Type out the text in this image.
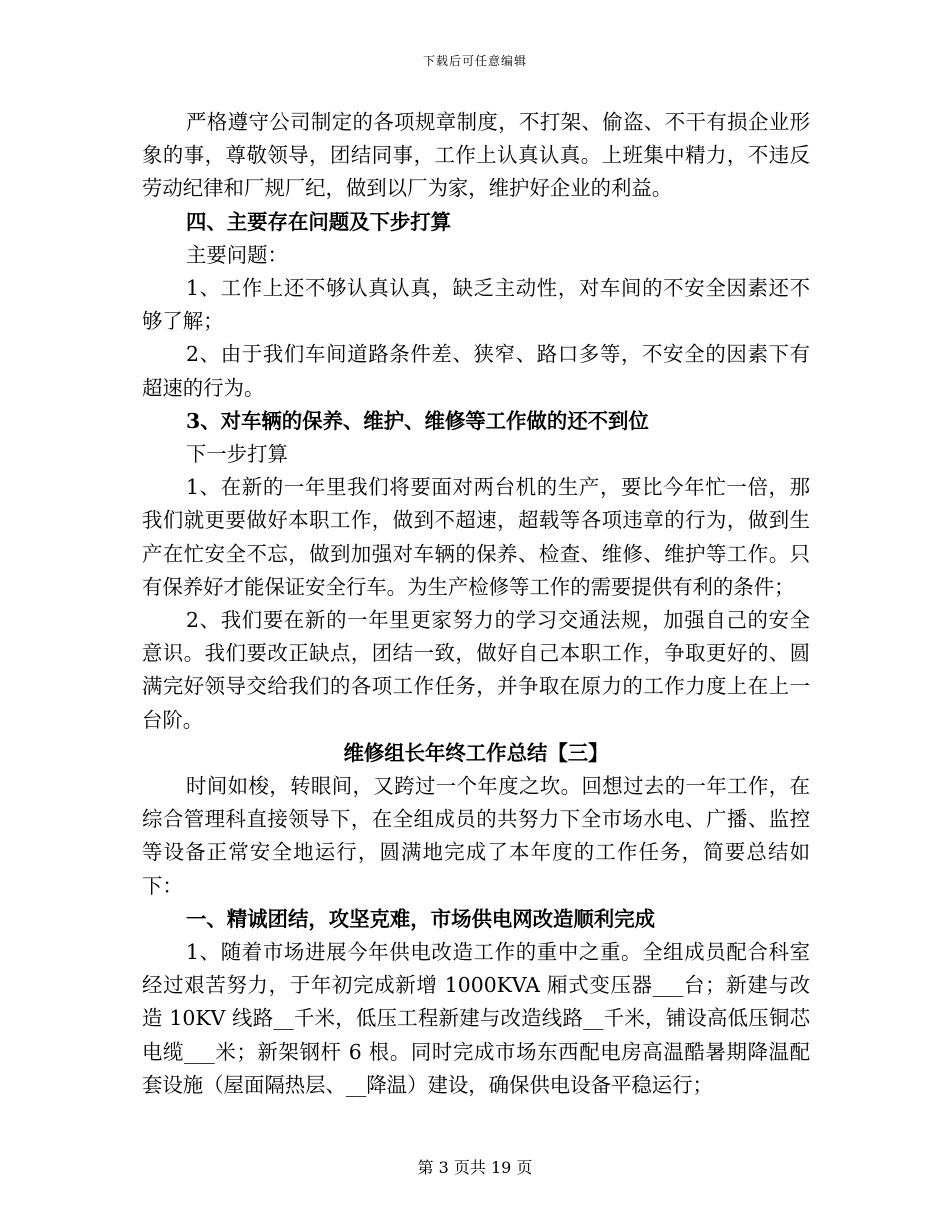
下载后可任意编辑

严格遵守公司制定的各项规章制度，不打架、偷盗、不干有损企业形象的事，尊敬领导，团结同事，工作上认真认真。上班集中精力，不违反劳动纪律和厂规厂纪，做到以厂为家，维护好企业的利益。

四、主要存在问题及下步打算

主要问题：

1、工作上还不够认真认真，缺乏主动性，对车间的不安全因素还不够了解；

2、由于我们车间道路条件差、狭窄、路口多等，不安全的因素下有超速的行为。

3、对车辆的保养、维护、维修等工作做的还不到位

下一步打算

1、在新的一年里我们将要面对两台机的生产，要比今年忙一倍，那我们就更要做好本职工作，做到不超速，超载等各项违章的行为，做到生产在忙安全不忘，做到加强对车辆的保养、检查、维修、维护等工作。只有保养好才能保证安全行车。为生产检修等工作的需要提供有利的条件；

2、我们要在新的一年里更家努力的学习交通法规，加强自己的安全意识。我们要改正缺点，团结一致，做好自己本职工作，争取更好的、圆满完好领导交给我们的各项工作任务，并争取在原力的工作力度上在上一台阶。

维修组长年终工作总结【三】

时间如梭，转眼间，又跨过一个年度之坎。回想过去的一年工作，在综合管理科直接领导下，在全组成员的共努力下全市场水电、广播、监控等设备正常安全地运行，圆满地完成了本年度的工作任务，简要总结如下：

一、精诚团结，攻坚克难，市场供电网改造顺利完成

1、随着市场进展今年供电改造工作的重中之重。全组成员配合科室经过艰苦努力，于年初完成新增 1000KVA 厢式变压器___台；新建与改造 10KV 线路__千米，低压工程新建与改造线路__千米，铺设高低压铜芯电缆___米；新架钢杆 6 根。同时完成市场东西配电房高温酷暑期降温配套设施（屋面隔热层、__降温）建设，确保供电设备平稳运行；

第 3 页共 19 页
